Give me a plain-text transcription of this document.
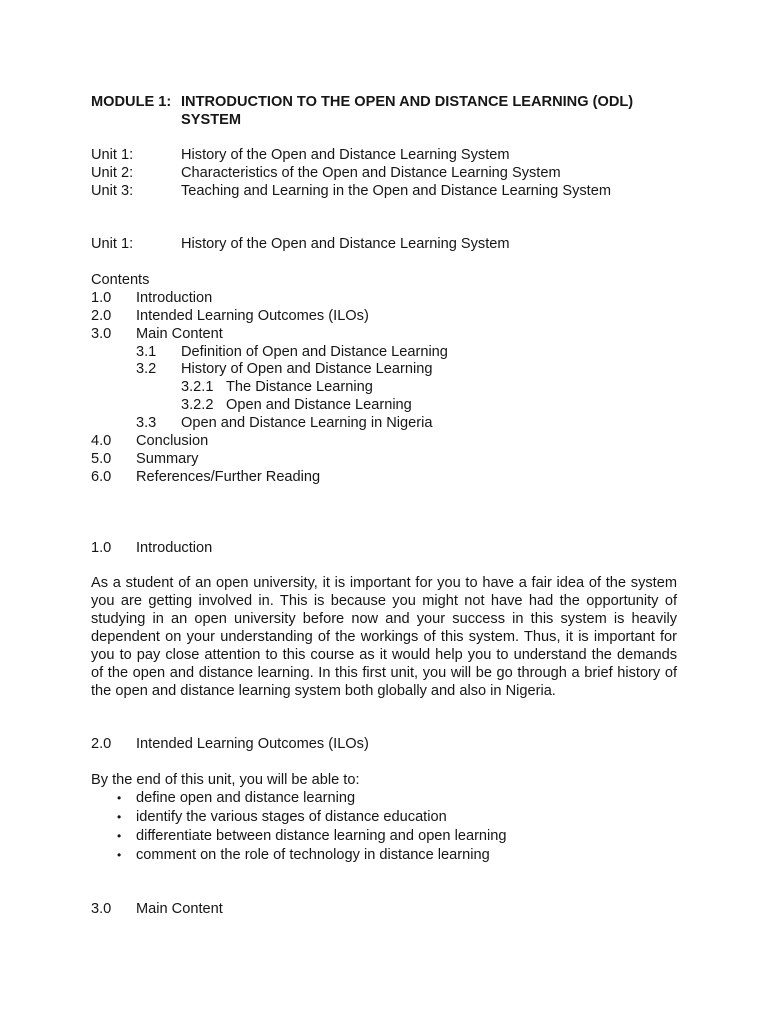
MODULE 1: INTRODUCTION TO THE OPEN AND DISTANCE LEARNING (ODL)
SYSTEM
Unit 1:	History of the Open and Distance Learning System
Unit 2:	Characteristics of the Open and Distance Learning System
Unit 3:	Teaching and Learning in the Open and Distance Learning System
Unit 1:	History of the Open and Distance Learning System
Contents
1.0 Introduction
2.0 Intended Learning Outcomes (ILOs)
3.0 Main Content
3.1 Definition of Open and Distance Learning
3.2 History of Open and Distance Learning
3.2.1 The Distance Learning
3.2.2 Open and Distance Learning
3.3 Open and Distance Learning in Nigeria
4.0 Conclusion
5.0 Summary
6.0 References/Further Reading
1.0 Introduction
As a student of an open university, it is important for you to have a fair idea of the system you are getting involved in. This is because you might not have had the opportunity of studying in an open university before now and your success in this system is heavily dependent on your understanding of the workings of this system. Thus, it is important for you to pay close attention to this course as it would help you to understand the demands of the open and distance learning. In this first unit, you will be go through a brief history of the open and distance learning system both globally and also in Nigeria.
2.0 Intended Learning Outcomes (ILOs)
By the end of this unit, you will be able to:
• define open and distance learning
• identify the various stages of distance education
• differentiate between distance learning and open learning
• comment on the role of technology in distance learning
3.0 Main Content
